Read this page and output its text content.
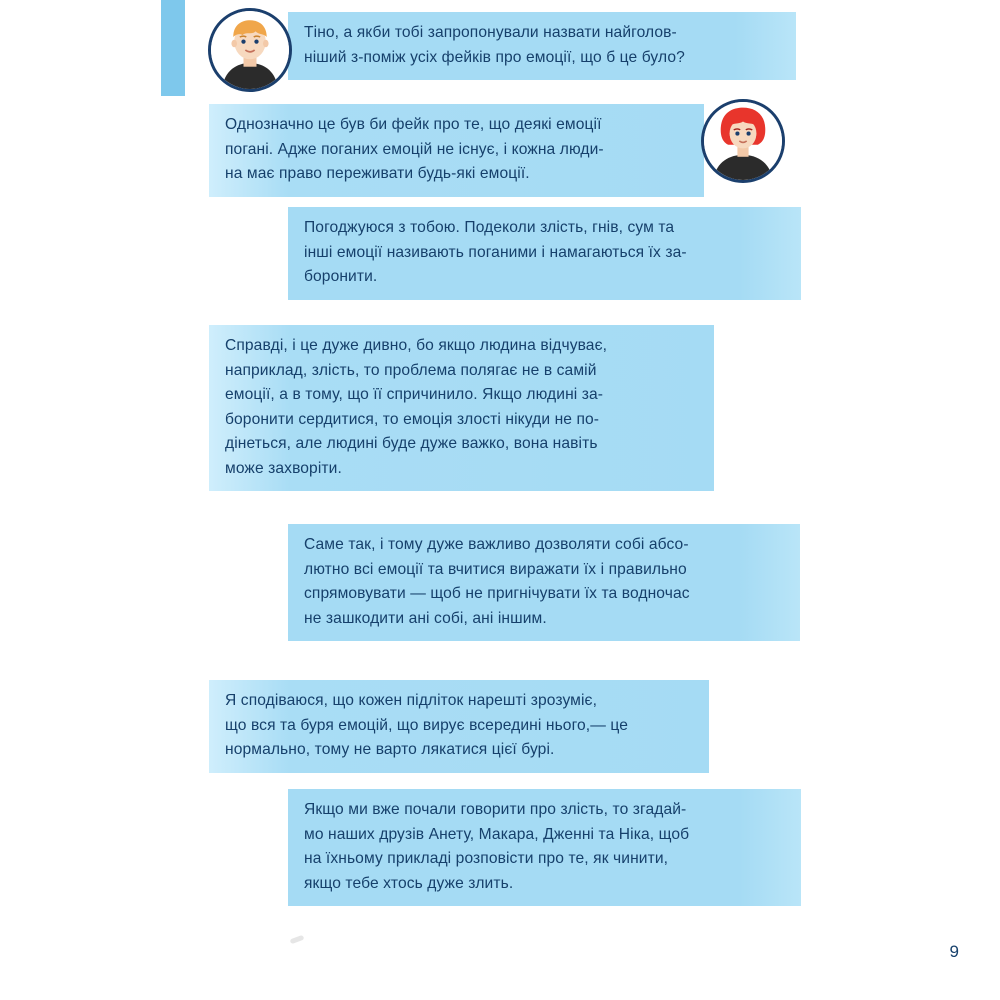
Тіно, а якби тобі запропонували назвати найголов-

ніший з-поміж усіх фейків про емоції, що б це було?

Однозначно це був би фейк про те, що деякі емоції

погані. Адже поганих емоцій не існує, і кожна люди-

на має право переживати будь-які емоції.

Погоджуюся з тобою. Подеколи злість, гнів, сум та

інші емоції називають поганими і намагаються їх за-

боронити.

Справді, і це дуже дивно, бо якщо людина відчуває,

наприклад, злість, то проблема полягає не в самій

емоції, а в тому, що її спричинило. Якщо людині за-

боронити сердитися, то емоція злості нікуди не по-

дінеться, але людині буде дуже важко, вона навіть

може захворіти.

Саме так, і тому дуже важливо дозволяти собі абсо-

лютно всі емоції та вчитися виражати їх і правильно

спрямовувати — щоб не пригнічувати їх та водночас

не зашкодити ані собі, ані іншим.

Я сподіваюся, що кожен підліток нарешті зрозуміє,

що вся та буря емоцій, що вирує всередині нього,— це

нормально, тому не варто лякатися цієї бурі.

Якщо ми вже почали говорити про злість, то згадай-

мо наших друзів Анету, Макара, Дженні та Ніка, щоб

на їхньому прикладі розповісти про те, як чинити,

якщо тебе хтось дуже злить.

9
